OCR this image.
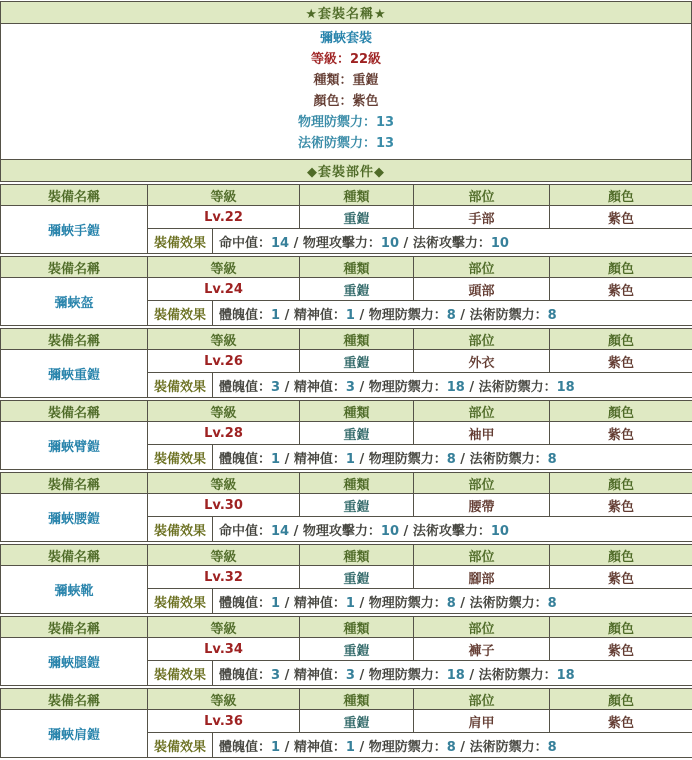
★套裝名稱★

彌蛺套裝
等級：22級
種類：重鎧
顏色：紫色
物理防禦力：13
法術防禦力：13

◆套裝部件◆
裝備名稱	等級		種類	部位	顏色
彌蛺手鎧	Lv.22		重鎧	手部	紫色
	裝備效果	命中值：14 / 物理攻擊力：10 / 法術攻擊力：10			
裝備名稱	等級		種類	部位	顏色
彌蛺盔	Lv.24		重鎧	頭部	紫色
	裝備效果	體魄值：1 / 精神值：1 / 物理防禦力：8 / 法術防禦力：8			
裝備名稱	等級		種類	部位	顏色
彌蛺重鎧	Lv.26		重鎧	外衣	紫色
	裝備效果	體魄值：3 / 精神值：3 / 物理防禦力：18 / 法術防禦力：18			
裝備名稱	等級		種類	部位	顏色
彌蛺臂鎧	Lv.28		重鎧	袖甲	紫色
	裝備效果	體魄值：1 / 精神值：1 / 物理防禦力：8 / 法術防禦力：8			
裝備名稱	等級		種類	部位	顏色
彌蛺腰鎧	Lv.30		重鎧	腰帶	紫色
	裝備效果	命中值：14 / 物理攻擊力：10 / 法術攻擊力：10			
裝備名稱	等級		種類	部位	顏色
彌蛺靴	Lv.32		重鎧	腳部	紫色
	裝備效果	體魄值：1 / 精神值：1 / 物理防禦力：8 / 法術防禦力：8			
裝備名稱	等級		種類	部位	顏色
彌蛺腿鎧	Lv.34		重鎧	褲子	紫色
	裝備效果	體魄值：3 / 精神值：3 / 物理防禦力：18 / 法術防禦力：18			
裝備名稱	等級		種類	部位	顏色
彌蛺肩鎧	Lv.36		重鎧	肩甲	紫色
	裝備效果	體魄值：1 / 精神值：1 / 物理防禦力：8 / 法術防禦力：8			
